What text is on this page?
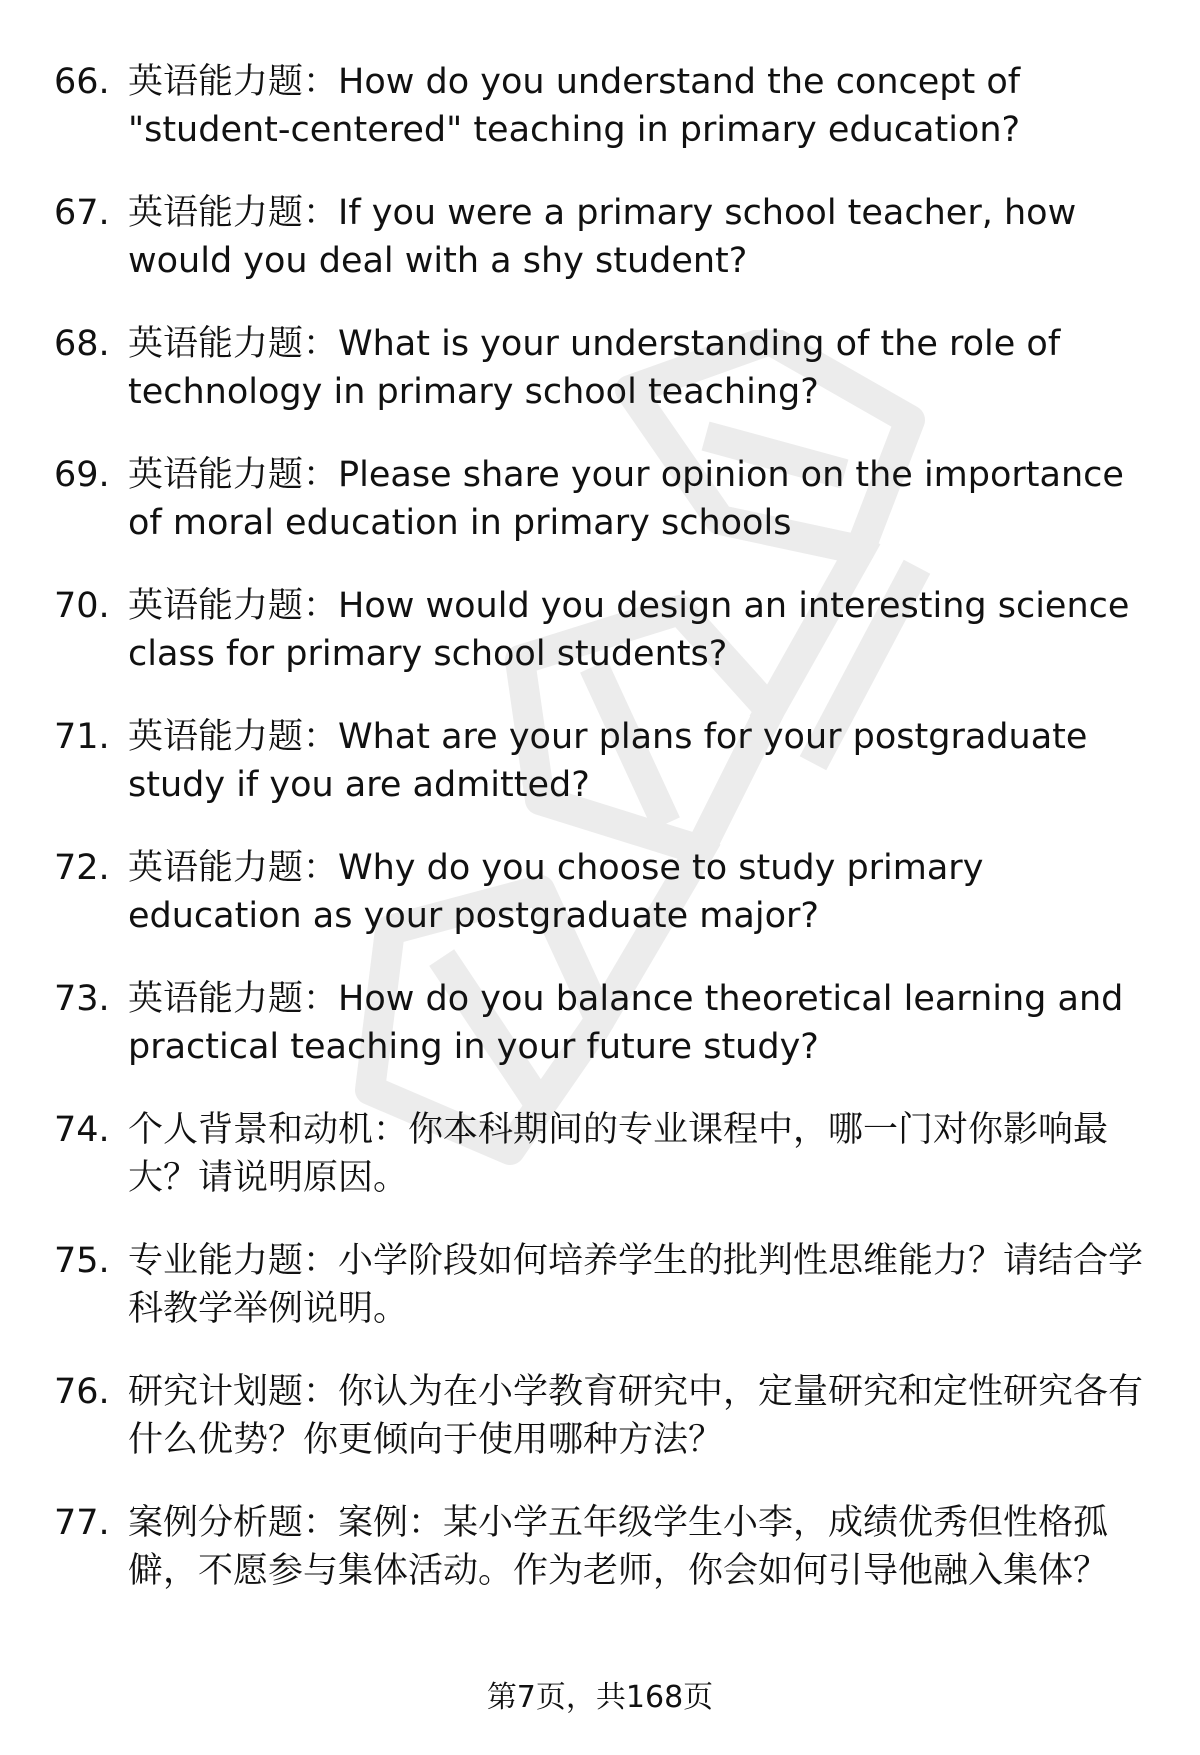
66. 英语能力题：How do you understand the concept of "student-centered" teaching in primary education?
67. 英语能力题：If you were a primary school teacher, how would you deal with a shy student?
68. 英语能力题：What is your understanding of the role of technology in primary school teaching?
69. 英语能力题：Please share your opinion on the importance of moral education in primary schools
70. 英语能力题：How would you design an interesting science class for primary school students?
71. 英语能力题：What are your plans for your postgraduate study if you are admitted?
72. 英语能力题：Why do you choose to study primary education as your postgraduate major?
73. 英语能力题：How do you balance theoretical learning and practical teaching in your future study?
74. 个人背景和动机：你本科期间的专业课程中，哪一门对你影响最大？请说明原因。
75. 专业能力题：小学阶段如何培养学生的批判性思维能力？请结合学科教学举例说明。
76. 研究计划题：你认为在小学教育研究中，定量研究和定性研究各有什么优势？你更倾向于使用哪种方法？
77. 案例分析题：案例：某小学五年级学生小李，成绩优秀但性格孤僻，不愿参与集体活动。作为老师，你会如何引导他融入集体？
第7页，共168页
